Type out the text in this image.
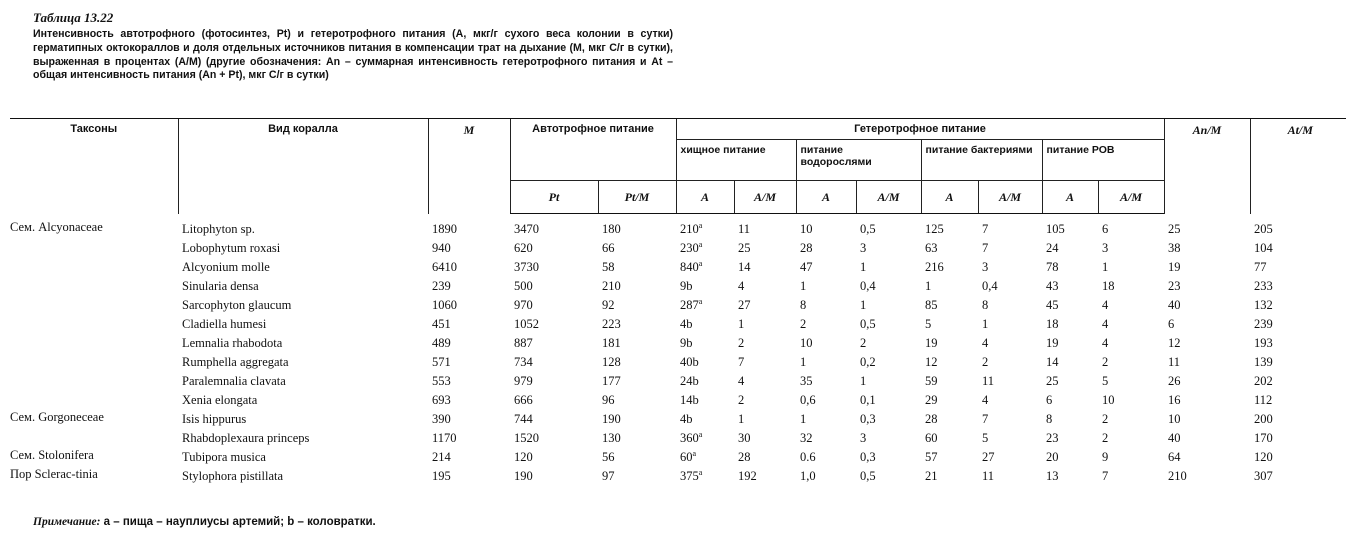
Таблица 13.22
Интенсивность автотрофного (фотосинтез, Pt) и гетеротрофного питания (A, мкг/г сухого веса колонии в сутки) герматипных октокораллов и доля отдельных источников питания в компенсации трат на дыхание (M, мкг С/г в сутки), выраженная в процентах (A/M) (другие обозначения: An – суммарная интенсивность гетеротрофного питания и At – общая интенсивность питания (An + Pt), мкг С/г в сутки)
Таксоны	Вид коралла	M	Автотрофное питание		Гетеротрофное питание								An/M	At/M
					хищное питание		питание водорослями		питание бактериями		питание РОВ			
			Pt	Pt/M	A	A/M	A	A/M	A	A/M	A	A/M		
Сем. Alcyonaceae	Litophyton sp.	1890	3470	180	210$^a$	11	10	0,5	125	7	105	6	25	205
	Lobophytum roxasi	940	620	66	230$^a$	25	28	3	63	7	24	3	38	104
	Alcyonium molle	6410	3730	58	840$^a$	14	47	1	216	3	78	1	19	77
	Sinularia densa	239	500	210	9b	4	1	0,4	1	0,4	43	18	23	233
	Sarcophyton glaucum	1060	970	92	287$^a$	27	8	1	85	8	45	4	40	132
	Cladiella humesi	451	1052	223	4b	1	2	0,5	5	1	18	4	6	239
	Lemnalia rhabodota	489	887	181	9b	2	10	2	19	4	19	4	12	193
	Rumphella aggregata	571	734	128	40b	7	1	0,2	12	2	14	2	11	139
	Paralemnalia clavata	553	979	177	24b	4	35	1	59	11	25	5	26	202
	Xenia elongata	693	666	96	14b	2	0,6	0,1	29	4	6	10	16	112
Сем. Gorgoneceae	Isis hippurus	390	744	190	4b	1	1	0,3	28	7	8	2	10	200
	Rhabdoplexaura princeps	1170	1520	130	360$^a$	30	32	3	60	5	23	2	40	170
Сем. Stolonifera	Tubipora musica	214	120	56	60$^a$	28	0.6	0,3	57	27	20	9	64	120
Пор Sclerac-tinia	Stylophora pistillata	195	190	97	375$^a$	192	1,0	0,5	21	11	13	7	210	307
Примечание: a – пища – науплиусы артемий; b – коловратки.
